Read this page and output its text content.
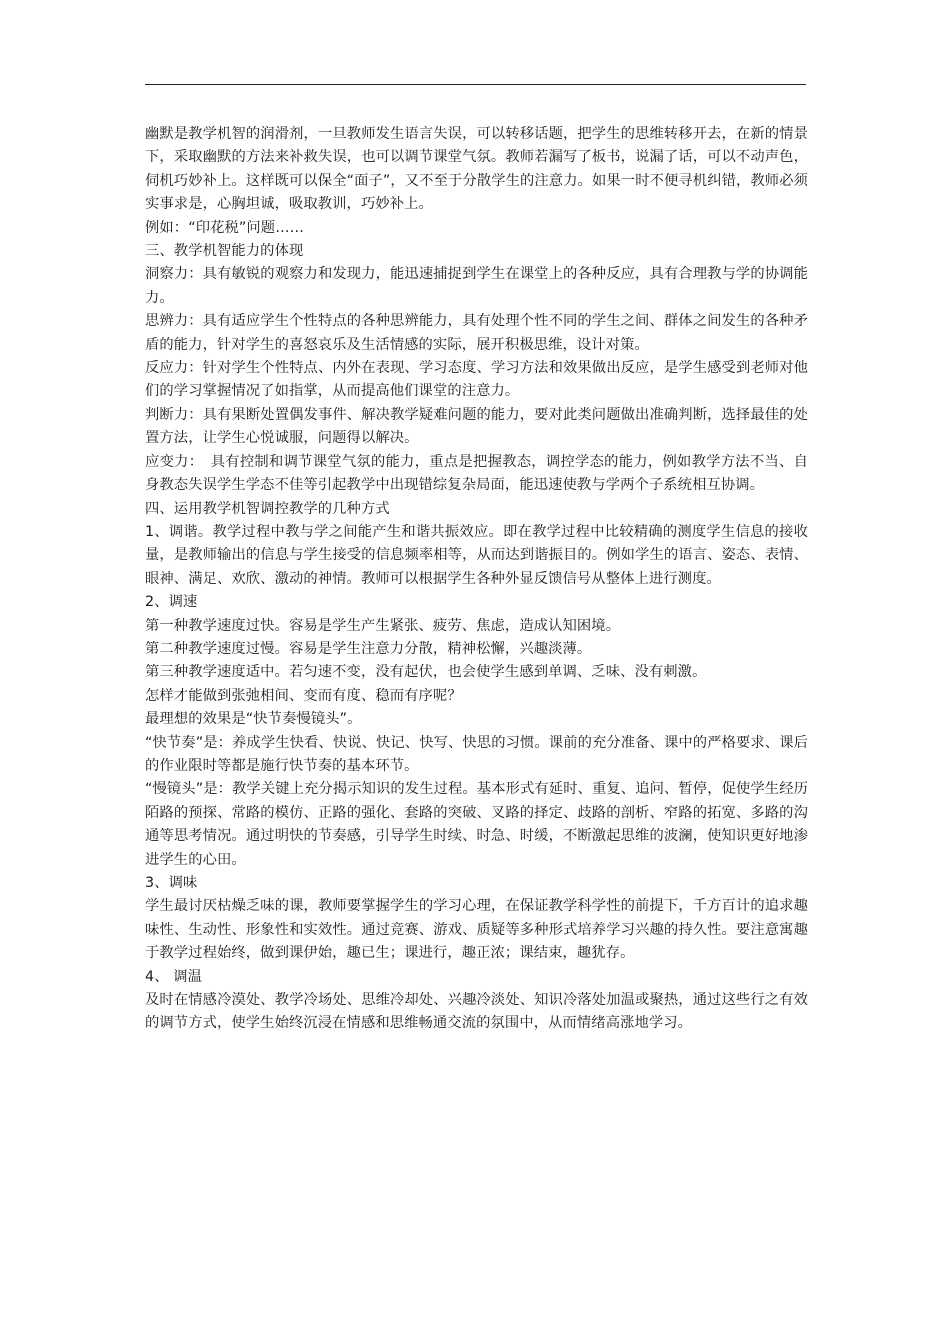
幽默是教学机智的润滑剂，一旦教师发生语言失误，可以转移话题，把学生的思维转移开去，在新的情景下，采取幽默的方法来补救失误，也可以调节课堂气氛。教师若漏写了板书，说漏了话，可以不动声色，伺机巧妙补上。这样既可以保全“面子”，又不至于分散学生的注意力。如果一时不便寻机纠错，教师必须实事求是，心胸坦诚，吸取教训，巧妙补上。

例如：“印花税”问题……

三、教学机智能力的体现

洞察力：具有敏锐的观察力和发现力，能迅速捕捉到学生在课堂上的各种反应，具有合理教与学的协调能力。

思辨力：具有适应学生个性特点的各种思辨能力，具有处理个性不同的学生之间、群体之间发生的各种矛盾的能力，针对学生的喜怒哀乐及生活情感的实际，展开积极思维，设计对策。

反应力：针对学生个性特点、内外在表现、学习态度、学习方法和效果做出反应，是学生感受到老师对他们的学习掌握情况了如指掌，从而提高他们课堂的注意力。

判断力：具有果断处置偶发事件、解决教学疑难问题的能力，要对此类问题做出准确判断，选择最佳的处置方法，让学生心悦诚服，问题得以解决。

应变力：　具有控制和调节课堂气氛的能力，重点是把握教态，调控学态的能力，例如教学方法不当、自身教态失误学生学态不佳等引起教学中出现错综复杂局面，能迅速使教与学两个子系统相互协调。

四、运用教学机智调控教学的几种方式

1、调谐。教学过程中教与学之间能产生和谐共振效应。即在教学过程中比较精确的测度学生信息的接收量，是教师输出的信息与学生接受的信息频率相等，从而达到谐振目的。例如学生的语言、姿态、表情、眼神、满足、欢欣、激动的神情。教师可以根据学生各种外显反馈信号从整体上进行测度。

2、调速

第一种教学速度过快。容易是学生产生紧张、疲劳、焦虑，造成认知困境。

第二种教学速度过慢。容易是学生注意力分散，精神松懈，兴趣淡薄。

第三种教学速度适中。若匀速不变，没有起伏，也会使学生感到单调、乏味、没有刺激。

怎样才能做到张弛相间、变而有度、稳而有序呢？

最理想的效果是“快节奏慢镜头”。

“快节奏”是：养成学生快看、快说、快记、快写、快思的习惯。课前的充分准备、课中的严格要求、课后的作业限时等都是施行快节奏的基本环节。

“慢镜头”是：教学关键上充分揭示知识的发生过程。基本形式有延时、重复、追问、暂停，促使学生经历陌路的预探、常路的模仿、正路的强化、套路的突破、叉路的择定、歧路的剖析、窄路的拓宽、多路的沟通等思考情况。通过明快的节奏感，引导学生时续、时急、时缓，不断激起思维的波澜，使知识更好地渗进学生的心田。

3、调味

学生最讨厌枯燥乏味的课，教师要掌握学生的学习心理，在保证教学科学性的前提下，千方百计的追求趣味性、生动性、形象性和实效性。通过竞赛、游戏、质疑等多种形式培养学习兴趣的持久性。要注意寓趣于教学过程始终，做到课伊始，趣已生；课进行，趣正浓；课结束，趣犹存。

4、 调温

及时在情感冷漠处、教学冷场处、思维冷却处、兴趣冷淡处、知识冷落处加温或聚热，通过这些行之有效的调节方式，使学生始终沉浸在情感和思维畅通交流的氛围中，从而情绪高涨地学习。
